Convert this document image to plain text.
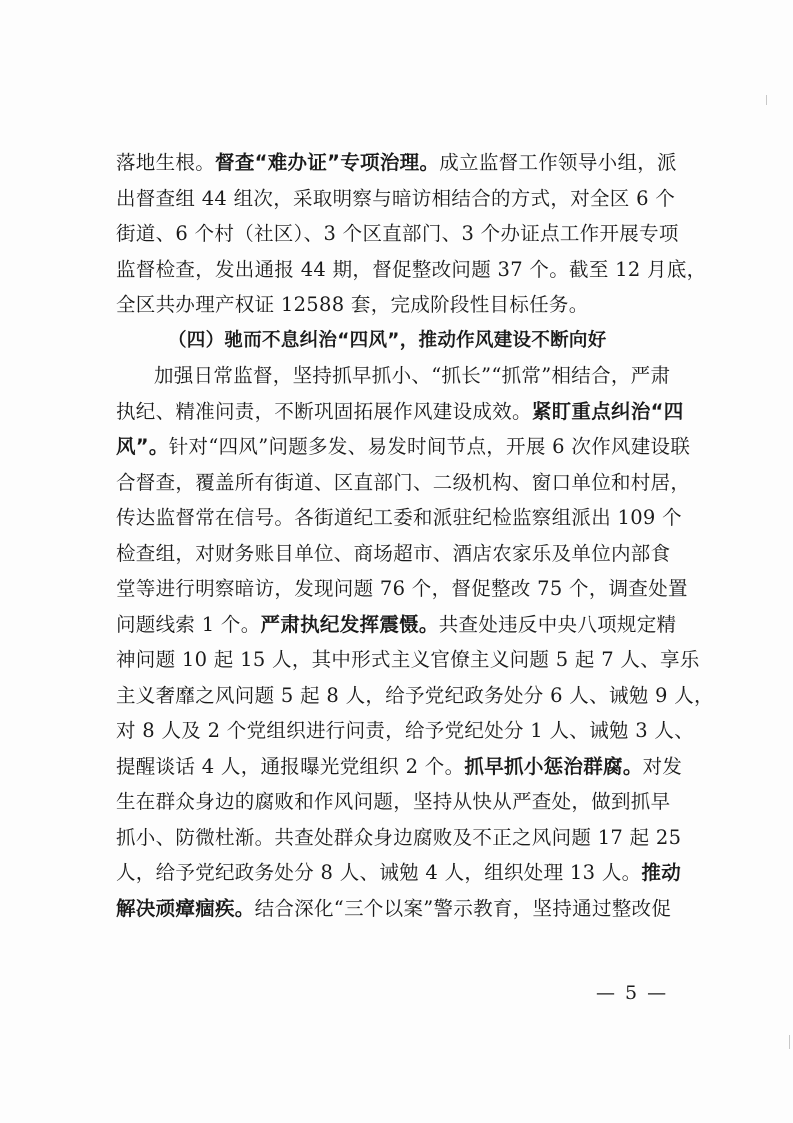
落地生根。督查“难办证”专项治理。成立监督工作领导小组，派
出督查组 44 组次，采取明察与暗访相结合的方式，对全区 6 个
街道、6 个村（社区）、3 个区直部门、3 个办证点工作开展专项
监督检查，发出通报 44 期，督促整改问题 37 个。截至 12 月底，
全区共办理产权证 12588 套，完成阶段性目标任务。
（四）驰而不息纠治“四风”，推动作风建设不断向好
加强日常监督，坚持抓早抓小、“抓长”“抓常”相结合，严肃
执纪、精准问责，不断巩固拓展作风建设成效。紧盯重点纠治“四
风”。针对“四风”问题多发、易发时间节点，开展 6 次作风建设联
合督查，覆盖所有街道、区直部门、二级机构、窗口单位和村居，
传达监督常在信号。各街道纪工委和派驻纪检监察组派出 109 个
检查组，对财务账目单位、商场超市、酒店农家乐及单位内部食
堂等进行明察暗访，发现问题 76 个，督促整改 75 个，调查处置
问题线索 1 个。严肃执纪发挥震慑。共查处违反中央八项规定精
神问题 10 起 15 人，其中形式主义官僚主义问题 5 起 7 人、享乐
主义奢靡之风问题 5 起 8 人，给予党纪政务处分 6 人、诫勉 9 人，
对 8 人及 2 个党组织进行问责，给予党纪处分 1 人、诫勉 3 人、
提醒谈话 4 人，通报曝光党组织 2 个。抓早抓小惩治群腐。对发
生在群众身边的腐败和作风问题，坚持从快从严查处，做到抓早
抓小、防微杜渐。共查处群众身边腐败及不正之风问题 17 起 25
人，给予党纪政务处分 8 人、诫勉 4 人，组织处理 13 人。推动
解决顽瘴痼疾。结合深化“三个以案”警示教育，坚持通过整改促
— 5 —
